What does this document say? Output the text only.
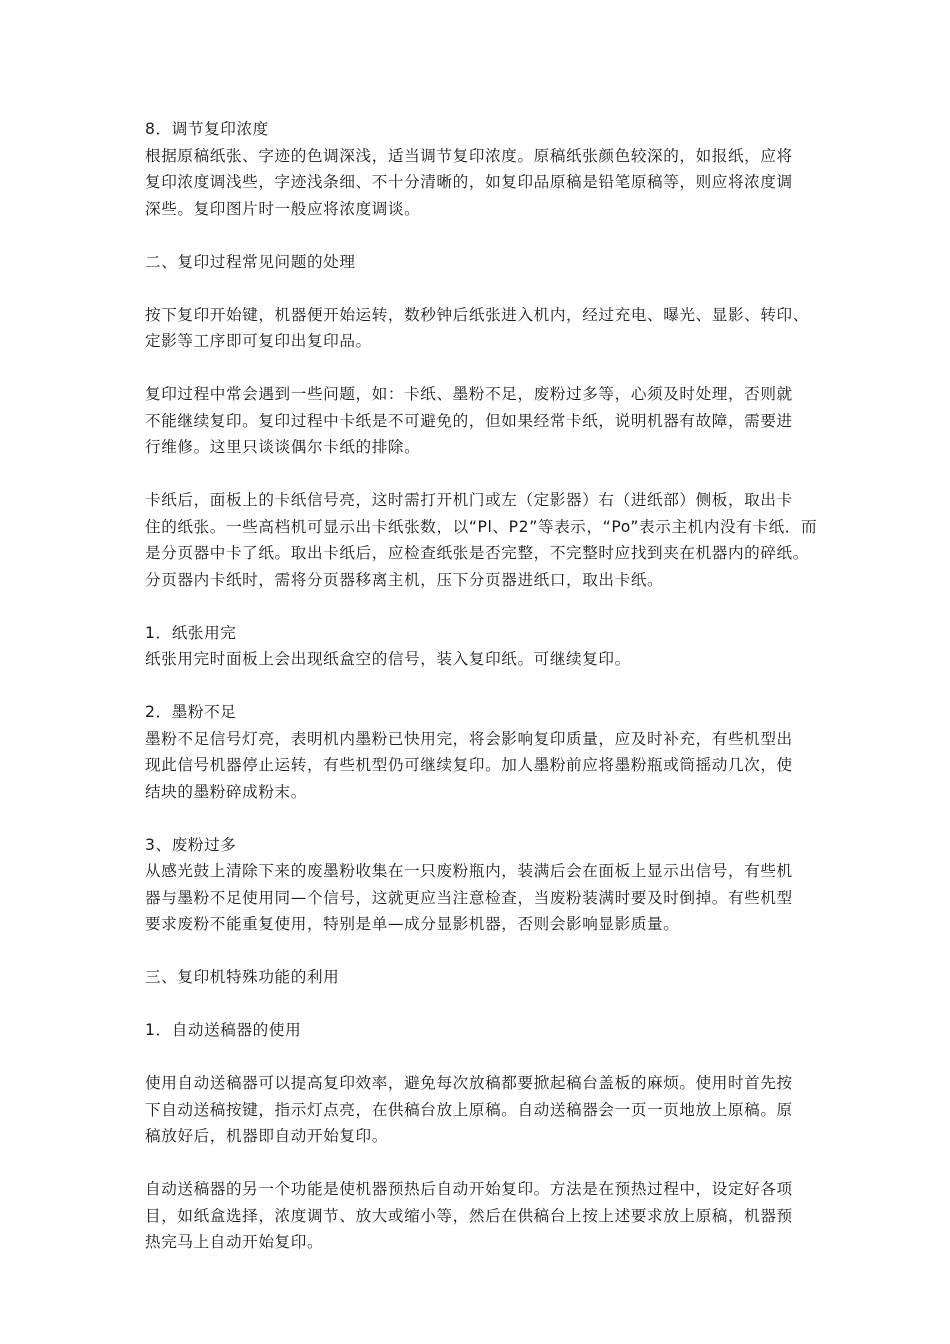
8．调节复印浓度

根据原稿纸张、字迹的色调深浅，适当调节复印浓度。原稿纸张颜色较深的，如报纸，应将
复印浓度调浅些，字迹浅条细、不十分清晰的，如复印品原稿是铅笔原稿等，则应将浓度调
深些。复印图片时一般应将浓度调谈。

二、复印过程常见问题的处理

按下复印开始键，机器便开始运转，数秒钟后纸张进入机内，经过充电、曝光、显影、转印、
定影等工序即可复印出复印品。

复印过程中常会遇到一些问题，如：卡纸、墨粉不足，废粉过多等，心须及时处理，否则就
不能继续复印。复印过程中卡纸是不可避免的，但如果经常卡纸，说明机器有故障，需要进
行维修。这里只谈谈偶尔卡纸的排除。

卡纸后，面板上的卡纸信号亮，这时需打开机门或左（定影器）右（进纸部）侧板，取出卡
住的纸张。一些高档机可显示出卡纸张数，以“Pl、P2”等表示，“Po”表示主机内没有卡纸．而
是分页器中卡了纸。取出卡纸后，应检查纸张是否完整，不完整时应找到夹在机器内的碎纸。
分页器内卡纸时，需将分页器移离主机，压下分页器进纸口，取出卡纸。

1．纸张用完

纸张用完时面板上会出现纸盒空的信号，装入复印纸。可继续复印。

2．墨粉不足

墨粉不足信号灯亮，表明机内墨粉已快用完，将会影响复印质量，应及时补充，有些机型出
现此信号机器停止运转，有些机型仍可继续复印。加人墨粉前应将墨粉瓶或筒摇动几次，使
结块的墨粉碎成粉末。

3、废粉过多

从感光鼓上清除下来的废墨粉收集在一只废粉瓶内，装满后会在面板上显示出信号，有些机
器与墨粉不足使用同—个信号，这就更应当注意检查，当废粉装满时要及时倒掉。有些机型
要求废粉不能重复使用，特别是单—成分显影机器，否则会影响显影质量。

三、复印机特殊功能的利用
1．自动送稿器的使用

使用自动送稿器可以提高复印效率，避免每次放稿都要掀起稿台盖板的麻烦。使用时首先按
下自动送稿按键，指示灯点亮，在供稿台放上原稿。自动送稿器会一页一页地放上原稿。原
稿放好后，机器即自动开始复印。

自动送稿器的另一个功能是使机器预热后自动开始复印。方法是在预热过程中，设定好各项
目，如纸盒选择，浓度调节、放大或缩小等，然后在供稿台上按上述要求放上原稿，机器预
热完马上自动开始复印。
